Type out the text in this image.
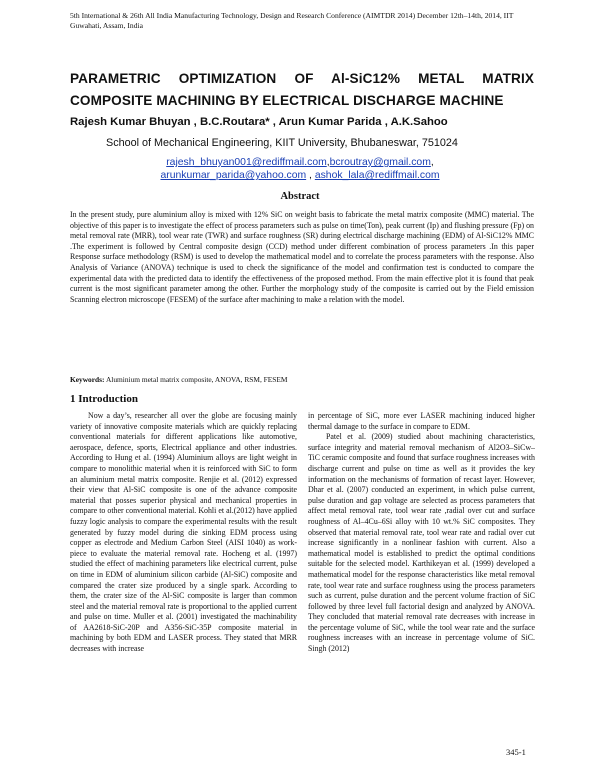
5th International & 26th All India Manufacturing Technology, Design and Research Conference (AIMTDR 2014) December 12th–14th, 2014, IIT Guwahati, Assam, India
PARAMETRIC OPTIMIZATION OF Al-SiC12% METAL MATRIX
COMPOSITE MACHINING BY ELECTRICAL DISCHARGE MACHINE
Rajesh Kumar Bhuyan , B.C.Routara* , Arun Kumar Parida , A.K.Sahoo
School of Mechanical Engineering, KIIT University, Bhubaneswar, 751024
rajesh_bhuyan001@rediffmail.com,bcroutray@gmail.com,
arunkumar_parida@yahoo.com , ashok_lala@rediffmail.com
Abstract
In the present study, pure aluminium alloy is mixed with 12% SiC on weight basis to fabricate the metal matrix composite (MMC) material. The objective of this paper is to investigate the effect of process parameters such as pulse on time(Ton), peak current (Ip) and flushing pressure (Fp) on metal removal rate (MRR), tool wear rate (TWR) and surface roughness (SR) during electrical discharge machining (EDM) of Al-SiC12% MMC .The experiment is followed by Central composite design (CCD) method under different combination of process parameters .In this paper Response surface methodology (RSM) is used to develop the mathematical model and to correlate the process parameters with the response. Also Analysis of Variance (ANOVA) technique is used to check the significance of the model and confirmation test is conducted to compare the experimental data with the predicted data to identify the effectiveness of the proposed method. From the main effective plot it is found that peak current is the most significant parameter among the other. Further the morphology study of the composite is carried out by the Field emission Scanning electron microscope (FESEM) of the surface after machining to make a relation with the model.
Keywords: Aluminium metal matrix composite, ANOVA, RSM, FESEM
1 Introduction

Now a day’s, researcher all over the globe are focusing mainly variety of innovative composite materials which are quickly replacing conventional materials for different applications like automotive, aerospace, defence, sports, Electrical appliance and other industries. According to Hung et al. (1994) Aluminium alloys are light weight in compare to monolithic material when it is reinforced with SiC to form an aluminium metal matrix composite. Renjie et al. (2012) expressed their view that Al-SiC composite is one of the advance composite material that posses superior physical and mechanical properties in compare to other conventional material. Kohli et al.(2012) have applied fuzzy logic analysis to compare the experimental results with the result generated by fuzzy model during die sinking EDM process using copper as electrode and Medium Carbon Steel (AISI 1040) as work-piece to evaluate the material removal rate. Hocheng et al. (1997) studied the effect of machining parameters like electrical current, pulse on time in EDM of aluminium silicon carbide (Al-SiC) composite and compared the crater size produced by a single spark. According to them, the crater size of the Al-SiC composite is larger than common steel and the material removal rate is proportional to the applied current and pulse on time. Muller et al. (2001) investigated the machinability of AA2618-SiC-20P and A356-SiC-35P composite material in machining by both EDM and LASER process. They stated that MRR decreases with increase

in percentage of SiC, more ever LASER machining induced higher thermal damage to the surface in compare to EDM.

Patel et al. (2009) studied about machining characteristics, surface integrity and material removal mechanism of Al2O3–SiCw–TiC ceramic composite and found that surface roughness increases with discharge current and pulse on time as well as it provides the key information on the mechanisms of formation of recast layer. However, Dhar et al. (2007) conducted an experiment, in which pulse current, pulse duration and gap voltage are selected as process parameters that affect metal removal rate, tool wear rate ,radial over cut and surface roughness of Al–4Cu–6Si alloy with 10 wt.% SiC composites. They observed that material removal rate, tool wear rate and radial over cut increase significantly in a nonlinear fashion with current. Also a mathematical model is established to predict the optimal conditions suitable for the selected model. Karthikeyan et al. (1999) developed a mathematical model for the response characteristics like metal removal rate, tool wear rate and surface roughness using the process parameters such as current, pulse duration and the percent volume fraction of SiC followed by three level full factorial design and analyzed by ANOVA. They concluded that material removal rate decreases with increase in the percentage volume of SiC, while the tool wear rate and the surface roughness increases with an increase in percentage volume of SiC. Singh (2012)

345-1
